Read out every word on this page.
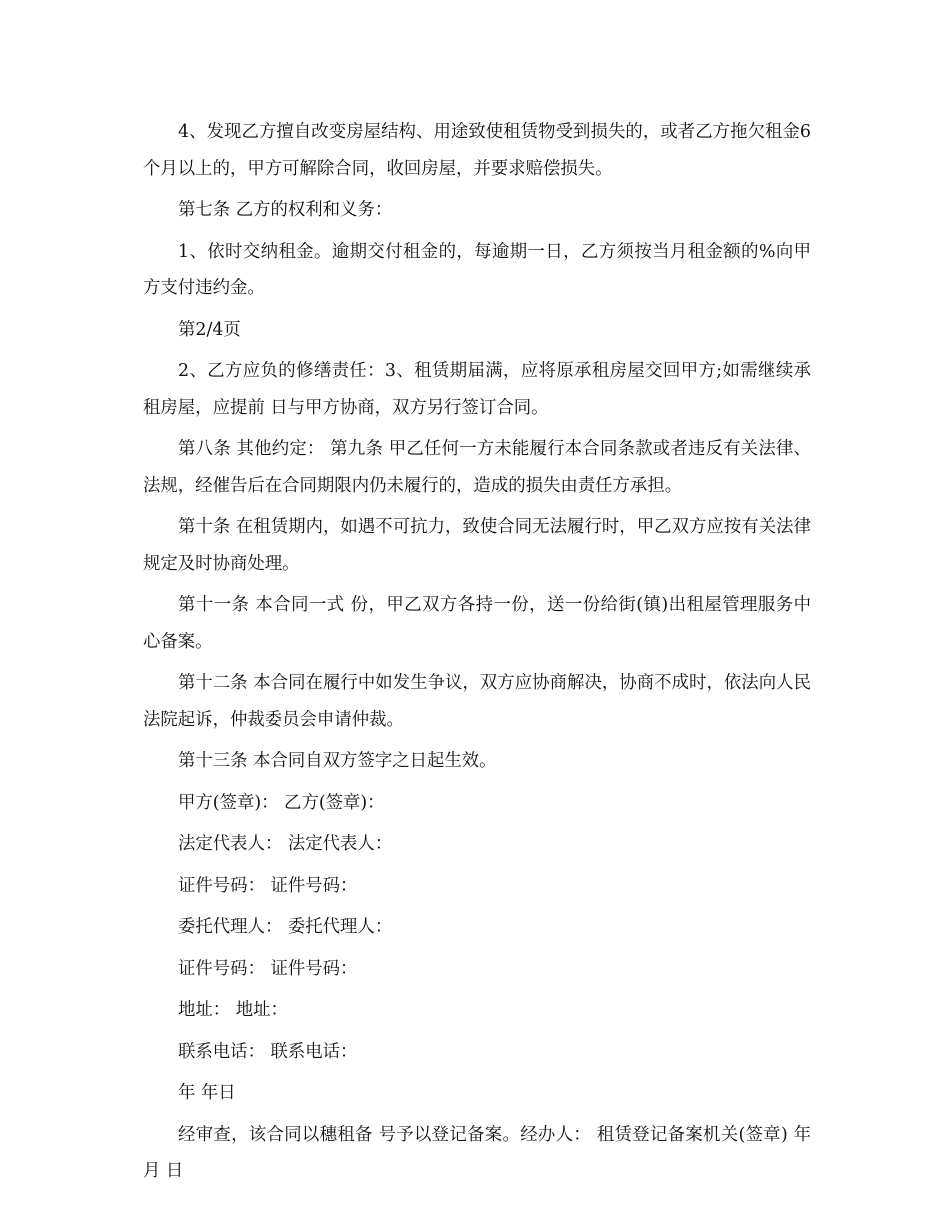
4、发现乙方擅自改变房屋结构、用途致使租赁物受到损失的，或者乙方拖欠租金6个月以上的，甲方可解除合同，收回房屋，并要求赔偿损失。

第七条 乙方的权利和义务：

1、依时交纳租金。逾期交付租金的，每逾期一日，乙方须按当月租金额的%向甲方支付违约金。

第2/4页

2、乙方应负的修缮责任：3、租赁期届满，应将原承租房屋交回甲方;如需继续承租房屋，应提前 日与甲方协商，双方另行签订合同。

第八条 其他约定： 第九条 甲乙任何一方未能履行本合同条款或者违反有关法律、法规，经催告后在合同期限内仍未履行的，造成的损失由责任方承担。

第十条 在租赁期内，如遇不可抗力，致使合同无法履行时，甲乙双方应按有关法律规定及时协商处理。

第十一条 本合同一式 份，甲乙双方各持一份，送一份给街(镇)出租屋管理服务中心备案。

第十二条 本合同在履行中如发生争议，双方应协商解决，协商不成时，依法向人民法院起诉，仲裁委员会申请仲裁。

第十三条 本合同自双方签字之日起生效。

甲方(签章)： 乙方(签章)：

法定代表人： 法定代表人：

证件号码： 证件号码：

委托代理人： 委托代理人：

证件号码： 证件号码：

地址： 地址：

联系电话： 联系电话：

年 年日

经审查，该合同以穗租备 号予以登记备案。经办人： 租赁登记备案机关(签章) 年 月 日
